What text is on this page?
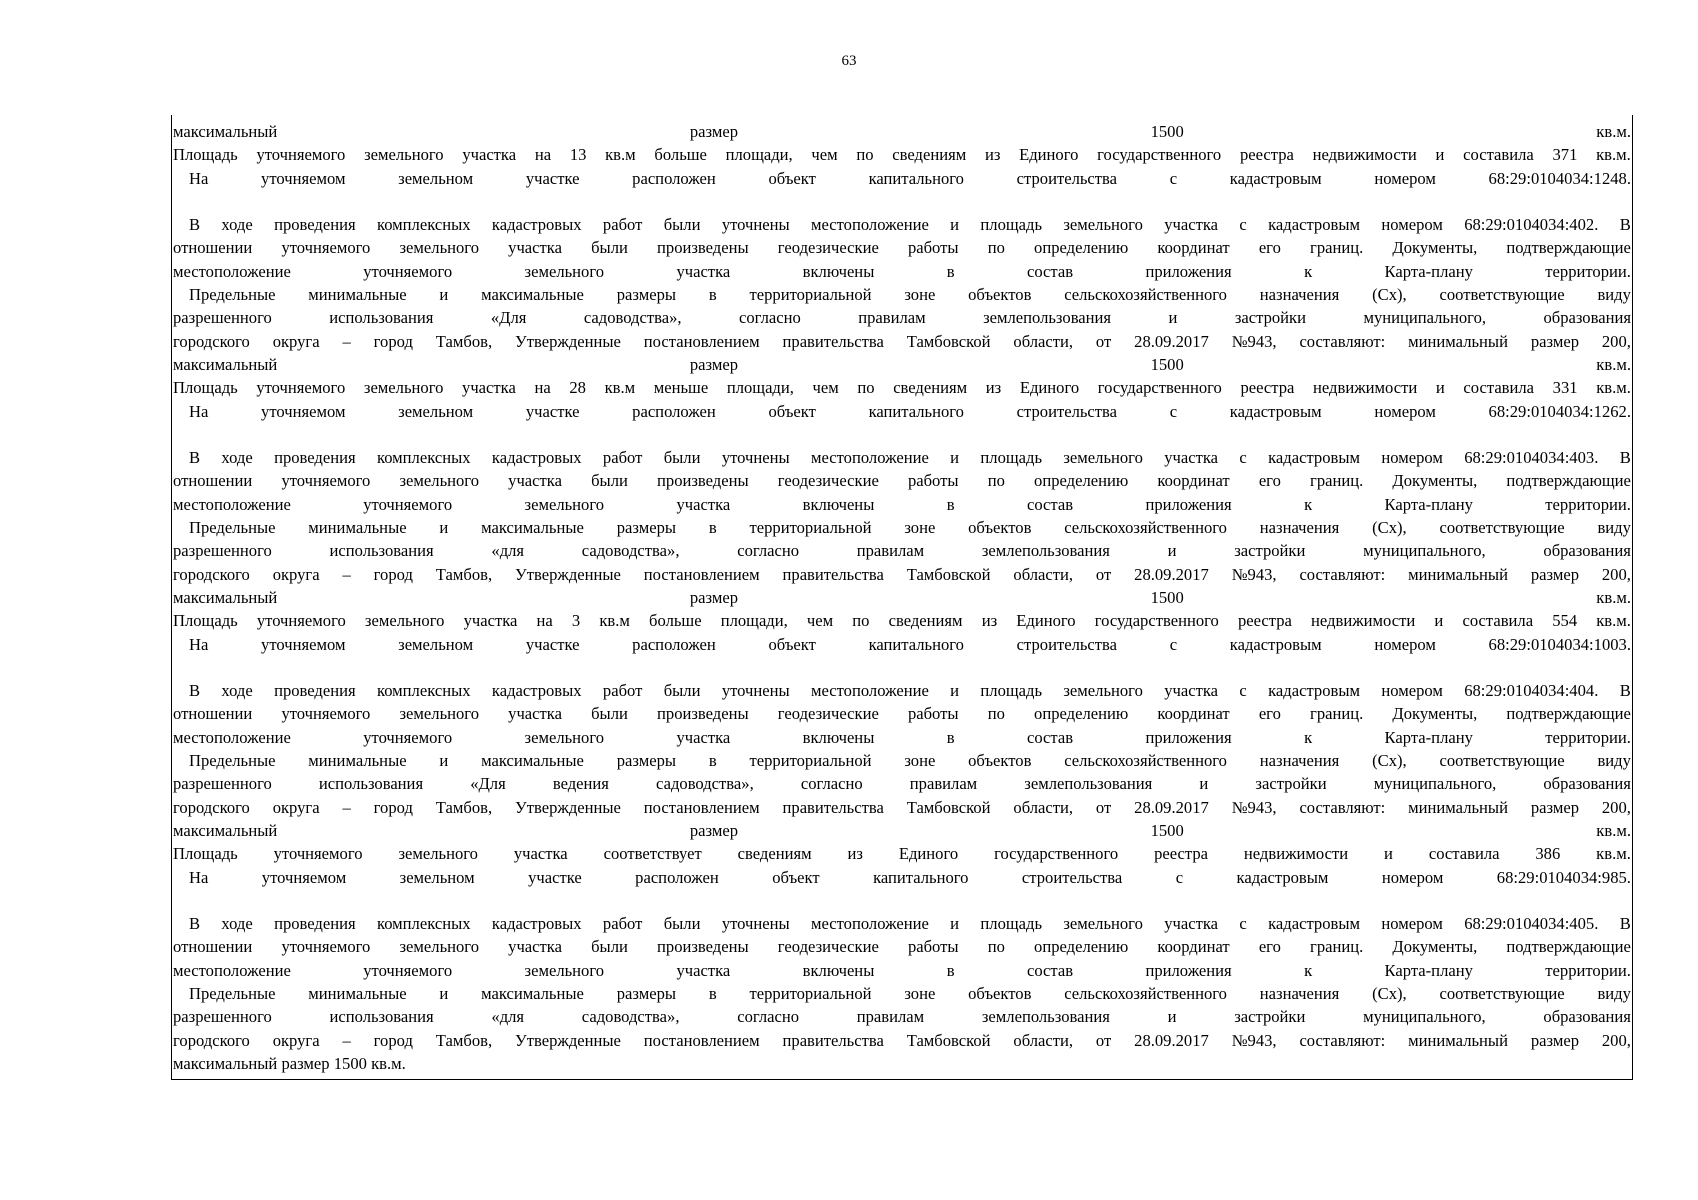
63
максимальный	размер	1500	кв.м.
Площадь уточняемого земельного участка на 13 кв.м больше площади, чем по сведениям из Единого государственного реестра недвижимости и составила 371 кв.м.
На	уточняемом	земельном	участке	расположен	объект	капитального	строительства	с	кадастровым	номером	68:29:0104034:1248.
В ходе проведения комплексных кадастровых работ были уточнены местоположение и площадь земельного участка с кадастровым номером 68:29:0104034:402. В
отношении уточняемого земельного участка были произведены геодезические работы по определению координат его границ. Документы, подтверждающие
местоположение	уточняемого	земельного	участка	включены	в	состав	приложения	к	Карта-плану	территории.
Предельные минимальные и максимальные размеры в территориальной зоне объектов сельскохозяйственного назначения (Сх), соответствующие виду
разрешенного	использования	«Для	садоводства»,	согласно	правилам	землепользования	и	застройки	муниципального,	образования
городского округа – город Тамбов, Утвержденные постановлением правительства Тамбовской области, от 28.09.2017 №943, составляют: минимальный размер 200,
максимальный	размер	1500	кв.м.
Площадь уточняемого земельного участка на 28 кв.м меньше площади, чем по сведениям из Единого государственного реестра недвижимости и составила 331 кв.м.
На	уточняемом	земельном	участке	расположен	объект	капитального	строительства	с	кадастровым	номером	68:29:0104034:1262.
В ходе проведения комплексных кадастровых работ были уточнены местоположение и площадь земельного участка с кадастровым номером 68:29:0104034:403. В
отношении уточняемого земельного участка были произведены геодезические работы по определению координат его границ. Документы, подтверждающие
местоположение	уточняемого	земельного	участка	включены	в	состав	приложения	к	Карта-плану	территории.
Предельные минимальные и максимальные размеры в территориальной зоне объектов сельскохозяйственного назначения (Сх), соответствующие виду
разрешенного	использования	«для	садоводства»,	согласно	правилам	землепользования	и	застройки	муниципального,	образования
городского округа – город Тамбов, Утвержденные постановлением правительства Тамбовской области, от 28.09.2017 №943, составляют: минимальный размер 200,
максимальный	размер	1500	кв.м.
Площадь уточняемого земельного участка на 3 кв.м больше площади, чем по сведениям из Единого государственного реестра недвижимости и составила 554 кв.м.
На	уточняемом	земельном	участке	расположен	объект	капитального	строительства	с	кадастровым	номером	68:29:0104034:1003.
В ходе проведения комплексных кадастровых работ были уточнены местоположение и площадь земельного участка с кадастровым номером 68:29:0104034:404. В
отношении уточняемого земельного участка были произведены геодезические работы по определению координат его границ. Документы, подтверждающие
местоположение	уточняемого	земельного	участка	включены	в	состав	приложения	к	Карта-плану	территории.
Предельные минимальные и максимальные размеры в территориальной зоне объектов сельскохозяйственного назначения (Сх), соответствующие виду
разрешенного	использования	«Для	ведения	садоводства»,	согласно	правилам	землепользования	и	застройки	муниципального,	образования
городского округа – город Тамбов, Утвержденные постановлением правительства Тамбовской области, от 28.09.2017 №943, составляют: минимальный размер 200,
максимальный	размер	1500	кв.м.
Площадь уточняемого земельного участка соответствует сведениям из Единого государственного реестра недвижимости и составила 386 кв.м.
На	уточняемом	земельном	участке	расположен	объект	капитального	строительства	с	кадастровым	номером	68:29:0104034:985.
В ходе проведения комплексных кадастровых работ были уточнены местоположение и площадь земельного участка с кадастровым номером 68:29:0104034:405. В
отношении уточняемого земельного участка были произведены геодезические работы по определению координат его границ. Документы, подтверждающие
местоположение	уточняемого	земельного	участка	включены	в	состав	приложения	к	Карта-плану	территории.
Предельные минимальные и максимальные размеры в территориальной зоне объектов сельскохозяйственного назначения (Сх), соответствующие виду
разрешенного	использования	«для	садоводства»,	согласно	правилам	землепользования	и	застройки	муниципального,	образования
городского округа – город Тамбов, Утвержденные постановлением правительства Тамбовской области, от 28.09.2017 №943, составляют: минимальный размер 200,
максимальный размер 1500 кв.м.
